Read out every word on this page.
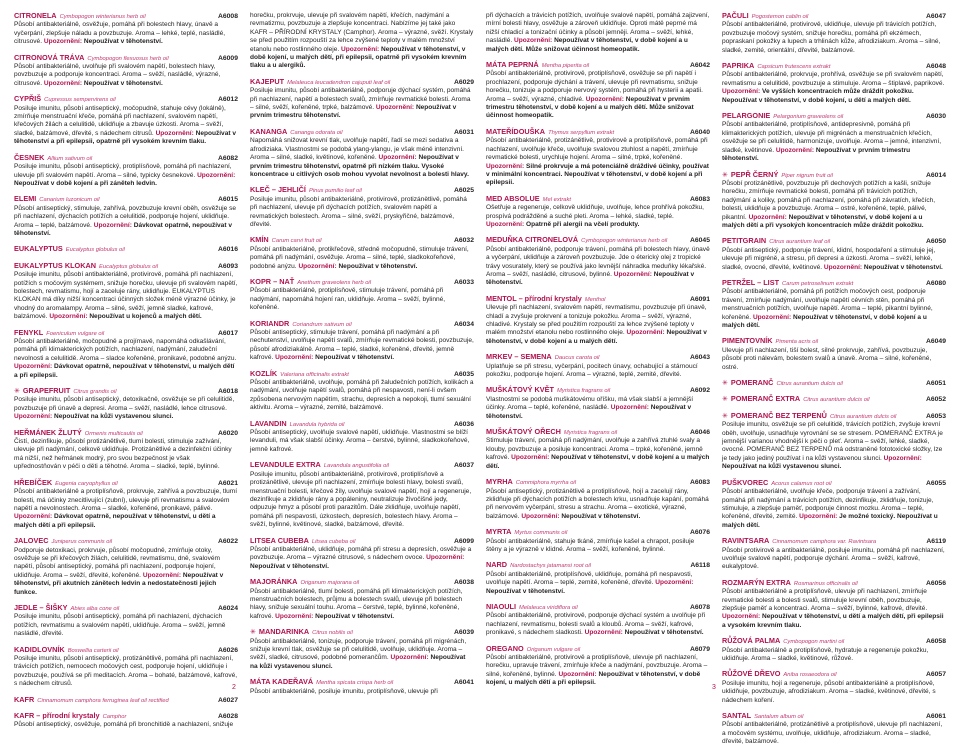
CITRONELA Cymbopogon winterianus herb oil	A6008

Působí antibakteriálně, osvěžuje, pomáhá při bolestech hlavy, únavě a vyčerpání, zlepšuje náladu a povzbuzuje. Aroma – lehké, teplé, nasládlé, citrusové. Upozornění: Nepoužívat v těhotenství.

CITRONOVÁ TRÁVA Cymbopogon flexuosus herb oil	A6009

Působí antibakteriálně, uvolňuje při svalovém napětí, bolestech hlavy, povzbuzuje a podporuje koncentraci. Aroma – svěží, nasládlé, výrazné, citrusové. Upozornění: Nepoužívat v těhotenství.

CYPŘIŠ Cupressus sempervirens oil	A6012

Posiluje imunitu, působí antiseptický, močopudně, stahuje cévy (lokálně), zmírňuje menstruační křeče, pomáhá při nachlazení, svalovém napětí, křečových žilách a celulitidě, uklidňuje a zbavuje úzkosti. Aroma – svěží, sladké, balzámové, dřevité, s nádechem citrusů. Upozornění: Nepoužívat v těhotenství a při epilepsii, opatrně při vysokém krevním tlaku.

ČESNEK Allium sativum oil	A6082

Posiluje imunitu, působí antiseptický, protiplísňově, pomáhá při nachlazení, ulevuje při svalovém napětí. Aroma – silné, typicky česnekové. Upozornění: Nepoužívat v době kojení a při záněteh ledvin.

ELEMI Canarium luzonicum oil	A6015

Působí antiseptický, stimuluje, zahřívá, povzbuzuje krevní oběh, osvěžuje se při nachlazení, dýchacích potížích a celulitidě, podporuje hojení, uklidňuje. Aroma – teplé, balzámové. Upozornění: Dávkovat opatrně, nepoužívat v těhotenství.

EUKALYPTUS Eucalyptus globulus oil	A6016
EUKALYPTUS KLOKAN Eucalyptus globulus oil	A6093

Posiluje imunitu, působí antibakteriálně, protivirově, pomáhá při nachlazení, potížích s močovým systémem, snižuje horečku, ulevuje při svalovém napětí, bolestech, revmatismu, hojí a zaceluje rány, uklidňuje. EUKALYPTUS KLOKAN má díky nižší koncentraci účinných složek méně výrazné účinky, je vhodný do aromalampy. Aroma – silné, svěží, jemně sladké, kafrové, balzámové. Upozornění: Nepoužívat u kojenců a malých dětí.

FENYKL Foeniculum vulgare oil	A6017

Působí antibakteriálně, močopudně a projímavě, napomáhá odkašlávání, pomáhá při klimakterických potížích, nachlazení, nadýmání, zaludeční nevolnosti a celulitidě. Aroma – sladce kořeněné, pronikavé, podobné anýzu. Upozornění: Dávkovat opatrně, nepoužívat v těhotenství, u malých dětí a při epilepsii.

✳ GRAPEFRUIT Citrus grandis oil	A6018

Posiluje imunitu, působí antiseptický, detoxikačně, osvěžuje se při celulitidě, povzbuzuje při únavě a depresi. Aroma – svěží, nasládlé, lehce citrusové. Upozornění: Nepoužívat na kůži vystavenou slunci.

HEŘMÁNEK ŽLUTÝ Ormenis multicaulis oil	A6020

Čistí, dezinfikuje, působí protizánětlivě, tlumí bolesti, stimuluje zažívání, ulevuje při nadýmání, celkově uklidňuje. Protizánětlivé a dezinfekční účinky má nižší, než heřmánek modrý, pro svou bezpečnost je však upřednostňován v péči o děti a těhotné. Aroma – sladké, teplé, bylinné.

HŘEBÍČEK Eugenia caryophyllus oil	A6021

Působí antibakteriálně a protiplísňově, prokrvuje, zahřívá a povzbuzuje, tlumí bolesti, má účinky znecitlivující (zubní), ulevuje při revmatismu a svalovém napětí a nevolnostech. Aroma – sladké, kořeněné, pronikavé, pálivé. Upozornění: Dávkovat opatrně, nepoužívat v těhotenství, u dětí a malých dětí a při epilepsii.

JALOVEC Juniperus communis oil	A6022

Podporuje detoxikaci, prokrvuje, působí močopudně, zmírňuje otoky, osvěžuje se při křečových žilách, celulitidě, revmatismu, dně, svalovém napětí, působí antiseptický, pomáhá při nachlazení, podporuje hojení, uklidňuje. Aroma – svěží, dřevité, kořeněné. Upozornění: Nepoužívat v těhotenství, při akutních zánětech ledvin a nedostatečnosti jejich funkce.

JEDLE – ŠIŠKY Abies alba cone oil	A6024

Posiluje imunitu, působí antiseptický, pomáhá při nachlazení, dýchacích potížích, revmatismu a svalovém napětí, uklidňuje. Aroma – svěží, jemně nasládlé, dřevité.

KADIDLOVNÍK Boswellia carterii oil	A6026

Posiluje imunitu, působí antiseptický, protizánětlivě, pomáhá při nachlazení, trávicích potížích, nemocech močových cest, podporuje hojení, uklidňuje i povzbuzuje, používá se při meditacích. Aroma – bohaté, balzámové, kafrové, s nádechem citrusů.

KAFR Cinnamomum camphora ferruginea leaf oil rectified	A6027
KAFR – přírodní krystaly Camphor	A6028

Působí antiseptický, osvěžuje, pomáhá při bronchitidě a nachlazení, snižuje

horečku, prokrvuje, ulevuje při svalovém napětí, křečích, nadýmání a revmatizmu, povzbuzuje a zlepšuje koncentraci. Nabízíme jej také jako KAFR – PŘÍRODNÍ KRYSTALY (Camphor). Aroma – výrazné, svěží. Krystaly se před použitím rozpouští za lehce zvýšené teploty v malém množství etanolu nebo rostlinného oleje. Upozornění: Nepoužívat v těhotenství, v době kojení, u malých dětí, při epilepsii, opatrně při vysokém krevním tlaku a u alergiků.

KAJEPUT Melaleuca leucadendron cajuputi leaf oil	A6029

Posiluje imunitu, působí antibakteriálně, podporuje dýchací systém, pomáhá při nachlazení, napětí a bolestech svalů, zmírňuje revmatické bolesti. Aroma – silné, svěží, kořeněné, trpké, balzámové. Upozornění: Nepoužívat v prvním trimestru těhotenství.

KANANGA Cananga odorata oil	A6031

Napomáhá snižovat krevní tlak, uvolňuje napětí, řadí se mezi sedativa a afrodiziaka. Vlastnostmi se podobá ylang-ylangu, je však méně intenzivní. Aroma – silné, sladké, květinové, kořeněné. Upozornění: Nepoužívat v prvním trimestru těhotenství, opatrně při nízkém tlaku. Vysoké koncentrace u citlivých osob mohou vyvolat nevolnost a bolesti hlavy.

KLEČ – JEHLIČÍ Pinus pumilio leaf oil	A6025

Posiluje imunitu, působí antibakteriálně, protivirově, protizánětlivě, pomáhá při nachlazení, ulevuje při dýchacích potížích, svalovém napětí a revmatických bolestech. Aroma – silné, svěží, pryskyřičné, balzámové, dřevité.

KMÍN Carum carvi fruit oil	A6032

Působí antibakteriálně, protikřečově, středně močopudně, stimuluje trávení, pomáhá při nadýmání, osvěžuje. Aroma – silné, teplé, sladkokořeňové, podobné anýzu. Upozornění: Nepoužívat v těhotenství.

KOPR – NAŤ Anethum graveolens herb oil	A6033

Působí antibakteriálně, protiplísňově, stimuluje trávení, pomáhá při nadýmání, napomáhá hojení ran, uklidňuje. Aroma – svěží, bylinné, kořeněné.

KORIANDR Coriandrum sativum oil	A6034

Působí antiseptický, stimuluje trávení, pomáhá při nadýmání a při nechutenství, uvolňuje napětí svalů, zmírňuje revmatické bolesti, povzbuzuje, působí afrodiziakálně. Aroma – teplé, sladké, kořeněné, dřevité, jemně kafrové. Upozornění: Nepoužívat v těhotenství.

KOZLÍK Valeriana officinalis extrakt	A6035

Působí antibakteriálně, uvolňuje, pomáhá při žaludečních potížích, kolikách a nadýmání, uvolňuje napětí svalů, pomáhá při nespavosti, není-li ovšem způsobena nervovým napětím, strachu, depresích a nepokoji, tlumí sexuální aktivitu. Aroma – výrazné, zemité, balzámové.

LAVANDIN Lavandula hybrida oil	A6036

Působí antiseptický, uvolňuje svalové napětí, uklidňuje. Vlastnostmi se blíží levanduli, má však slabší účinky. Aroma – čerstvé, bylinné, sladkokořeňové, jemně kafrové.

LEVANDULE EXTRA Lavandula angustifolia oil	A6037

Posiluje imunitu, působí antibakteriálně, protivirově, protiplísňově a protizánětlivě, ulevuje při nachlazení, zmírňuje bolesti hlavy, bolesti svalů, menstruační bolesti, křečové žíly, uvolňuje svalové napětí, hojí a regeneruje, dezinfikuje a zklidňuje rány a popáleniny, neutralizuje živočišné jedy, odpuzuje hmyz a působí proti parazitům. Dále zklidňuje, uvolňuje napětí, pomáhá při nespavosti, úzkostech, depresích, bolestech hlavy. Aroma – svěží, bylinné, květinové, sladké, balzámové, dřevité.

LITSEA CUBEBA Litsea cubeba oil	A6099

Působí antibakteriálně, uklidňuje, pomáhá při stresu a depresích, osvěžuje a povzbuzuje. Aroma – výrazné citrusové, s nádechem ovoce. Upozornění: Nepoužívat v těhotenství.

MAJORÁNKA Origanum majorana oil	A6038

Působí antibakteriálně, tlumí bolesti, pomáhá při klimakterických potížích, menstruačních bolestech, průjmu a bolestech svalů, ulevuje při bolestech hlavy, snižuje sexuální touhu. Aroma – čerstvé, teplé, bylinné, kořeněné, kafrové. Upozornění: Nepoužívat v těhotenství.

✳ MANDARINKA Citrus nobilis oil	A6039

Působí antibakteriálně, tonizuje, podporuje trávení, pomáhá při migrénách, snižuje krevní tlak, osvěžuje se při celulitidě, uvolňuje, uklidňuje. Aroma – svěží, sladké, citrusové, podobné pomerančům. Upozornění: Nepoužívat na kůži vystavenou slunci.

MÁTA KADEŘAVÁ Mentha spicata crispa herb oil	A6041

Působí antibakteriálně, posiluje imunitu, protiplísňově, ulevuje při

při dýchacích a trávicích potížích, uvolňuje svalové napětí, pomáhá zajizvení, mírní bolesti hlavy, osvěžuje a zároveň uklidňuje. Oproti mátě peprné má nižší chladicí a tonizační účinky a působí jemněji. Aroma – svěží, lehké, nasládlé. Upozornění: Nepoužívat v těhotenství, v době kojení a u malých dětí. Může snižovat účinnost homeopatik.

MÁTA PEPRNÁ Mentha piperita oil	A6042

Působí antibakteriálně, protivirově, protiplísňově, osvěžuje se při napětí i prochlazení, podporuje dýchání a trávení, ulevuje při revmatismu, snižuje horečku, tonizuje a podporuje nervový systém, pomáhá při hysterii a apatii. Aroma – svěží, výrazné, chladivé. Upozornění: Nepoužívat v prvním trimestru těhotenství, v době kojení a u malých dětí. Může snižovat účinnost homeopatik.

MATEŘÍDOUŠKA Thymus serpyllum extrakt	A6040

Působí antibakteriálně, protizánětlivě, protivirově a protiplísňově, pomáhá při nachlazení, uvolňuje křeče, uvolňuje svalovou ztuhlost a napětí, zmírňuje revmatické bolesti, urychluje hojení. Aroma – silné, trpké, kořeněné. Upozornění: Silné prokrvuje a má potenciálně dráždivé účinky, používat v minimální koncentraci. Nepoužívat v těhotenství, v době kojení a při epilepsii.

MED ABSOLUE Mel extrakt	A6083

Ošetřuje a regeneruje, celkově uklidňuje, uvolňuje, lehce prohřívá pokožku, prospívá podrážděné a suché pleti. Aroma – lehké, sladké, teplé. Upozornění: Opatrně při alergii na včelí produkty.

MEDUŇKA CITRONELOVÁ Cymbopogon winterianus herb oil	A6045

Působí antibakteriálně, podporuje trávení, pomáhá při bolestech hlavy, únavě a vyčerpání, uklidňuje a zároveň povzbuzuje. Jde o éterický olej z tropické trávy vosurately, který se používá jako levnější náhradka meduňky lékařské. Aroma – svěží, nasládlé, citrusové, bylinné. Upozornění: Nepoužívat v těhotenství.

MENTOL – přírodní krystaly Menthol	A6091

Ulevuje při nachlazení, svalovém napětí, revmatismu, povzbuzuje při únavě, chladí a zvyšuje prokrvení a tonizuje pokožku. Aroma – svěží, výrazné, chladivé. Krystaly se před použitím rozpouští za lehce zvýšené teploty v malém množství etanolu nebo rostlinného oleje. Upozornění: Nepoužívat v těhotenství, v době kojení a u malých dětí.

MRKEV – SEMENA Daucus carota oil	A6043

Uplatňuje se při stresu, vyčerpání, pocitech únavy, ochabující a stárnoucí pokožku, podporuje hojení. Aroma – výrazné, teplé, zemité, dřevité.

MUŠKÁTOVÝ KVĚT Myristica fragrans oil	A6092

Vlastnostmi se podobá muškátovému oříšku, má však slabší a jemnější účinky. Aroma – teplé, kořeněné, nasládlé. Upozornění: Nepoužívat v těhotenství.

MUŠKÁTOVÝ OŘECH Myristica fragrans oil	A6046

Stimuluje trávení, pomáhá při nadýmání, uvolňuje a zahřívá ztuhlé svaly a klouby, povzbuzuje a posiluje koncentraci. Aroma – trpké, kořeněné, jemně kafrové. Upozornění: Nepoužívat v těhotenství, v době kojení a u malých dětí.

MYRHA Commiphora myrrha oil	A6083

Působí antiseptický, protizánětlivě a protiplísňově, hojí a zacelují rány, zklidňuje při dýchacích potížích a bolestech krku, usnadňuje kapání, pomáhá při nervovém vyčerpání, stresu a strachu. Aroma – exotické, výrazné, balzámové. Upozornění: Nepoužívat v těhotenství.

MYRTA Myrtus communis oil	A6076

Působí antibakteriálně, stahuje tkáně, zmírňuje kašel a chrapot, posiluje štěny a je výrazně v klidné. Aroma – svěží, kořeněné, bylinné.

NARD Nardostachys jatamansi root oil	A6118

Působí antibakteriálně, protiplísňově, uklidňuje, pomáhá při nespavosti, uvolňuje napětí. Aroma – teplé, zemité, kořeněné, dřevité. Upozornění: Nepoužívat v těhotenství.

NIAOULI Melaleuca viridiflora oil	A6078

Působí antibakteriálně, protivirově, podporuje dýchací systém a uvolňuje při nachlazení, revmatismu, bolesti svalů a kloubů. Aroma – svěží, kafrové, pronikavé, s nádechem sladkosti. Upozornění: Nepoužívat v těhotenství.

OREGANO Origanum vulgare oil	A6079

Působí antibakteriálně, protivirově a protiplísňově, ulevuje při nachlazení, horečku, upravuje trávení, zmírňuje křeče a nadýmání, povzbuzuje. Aroma – silné, kořeněné, bylinné. Upozornění: Nepoužívat v těhotenství, v době kojení, u malých dětí a při epilepsii.

PAČULI Pogostemon cablin oil	A6047

Působí antibakteriálně, protivirově, uklidňuje, ulevuje při trávicích potížích, povzbuzuje močový systém, snižuje horečku, pomáhá při ekzémech, popraskaní pokožky a lupech a trhlinách kůže, afrodiziakum. Aroma – silné, sladké, zemité, orientální, dřevité, balzámové.

PAPRIKA Capsicum frutescens extrakt	A6048

Působí antibakteriálně, prokrvuje, prohřívá, osvěžuje se při svalovém napětí, revmatismu a celulitidě, povzbuzuje a stimuluje. Aroma – štiplavé, paprikové. Upozornění: Ve vyšších koncentracích může dráždit pokožku. Nepoužívat v těhotenství, v době kojení, u dětí a malých dětí.

PELARGONIE Pelargonium graveolens oil	A6030

Působí antibakteriálně, protiplísňově, antidepresivně, pomáhá při klimakterických potížích, ulevuje při migrénách a menstruačních křečích, osvěžuje se při celulitidě, harmonizuje, uvolňuje. Aroma – jemné, intenzivní, sladké, květinové. Upozornění: Nepoužívat v prvním trimestru těhotenství.

✳ PEPŘ ČERNÝ Piper nigrum fruit oil	A6014

Působí protizánětlivě, povzbuzuje při dechových potížích a kašli, snižuje horečku, zmírňuje revmatické bolesti, pomáhá při trávicích potížích, nadýmání a koliky, pomáhá při nachlazení, pomáhá při závratích, křečích, bolesti, uklidňuje a povzbuzuje. Aroma – ostré, kořeněné, teplé, pálivé, pikantní. Upozornění: Nepoužívat v těhotenství, v době kojení a u malých dětí a při vysokých koncentracích může dráždit pokožku.

PETITGRAIN Citrus aurantium leaf oil	A6050

Působí antiseptický, podporuje trávení, klidní, hospodaření a stimuluje jej, ulevuje při migréně, a stresu, při depresi a úzkosti. Aroma – svěží, lehké, sladké, ovocné, dřevité, květinové. Upozornění: Nepoužívat v těhotenství.

PETRŽEL – LIST Carum petroselinum extrakt	A6080

Působí antibakteriálně, pomáhá při potížích močových cest, podporuje trávení, zmírňuje nadýmání, uvolňuje napětí cévních stěn, pomáhá při menstruačních potížích, uvolňuje napětí. Aroma – teplé, pikantní bylinné, kořeněné. Upozornění: Nepoužívat v těhotenství, v době kojení a u malých dětí.

PIMENTOVNÍK Pimenta acris oil	A6049

Ulevuje při nachlazení, tiší bolest, silné prokrvuje, zahřívá, povzbuzuje, působí proti nálevám, bolestem svalů a únavě. Aroma – silné, kořeněné, ostré.

✳ POMERANČ Citrus aurantium dulcis oil	A6051
✳ POMERANČ EXTRA Citrus aurantium dulcis oil	A6052
✳ POMERANČ BEZ TERPENŮ Citrus aurantium dulcis oil	A6053

Posiluje imunitu, osvěžuje se při celulitidě, trávicích potížích, zvyšuje krevní oběh, uvolňuje, usnadňuje vyrovnání se se stresem. POMERANČ EXTRA je jemnější varianou vhodnější k péči o pleť. Aroma – svěží, lehké, sladké, ovocné. POMERANČ BEZ TERPENŮ má odstraněné fototoxické složky, lze je tedy jako jediný používat i na kůži vystavenou slunci. Upozornění: Nepoužívat na kůži vystavenou slunci.

PUŠKVOREC Acorus calamus root oil	A6055

Působí antibakteriálně, uvolňuje křeče, podporuje trávení a zažívání, pomáhá při nadýmání a trávicích potížích, dezinfikuje, zklidňuje, tonizuje, stimuluje, a zlepšuje paměť, podporuje činnost mozku. Aroma – teplé, kořeněné, dřevité, zemité. Upozornění: Je možné toxický. Nepoužívat u malých dětí.

RAVINTSARA Cinnamomum camphora var. Ravintsara	A6119

Působí protivirově a antibakteriálně, posiluje imunitu, pomáhá při nachlazení, uvolňuje svalové napětí, podporuje dýchání. Aroma – svěží, kafrové, eukalyptové.

ROZMARÝN EXTRA Rosmarinus officinalis oil	A6056

Působí antibakteriálně a protiplísňově, ulevuje při nachlazení, zmírňuje revmatické bolesti a bolesti svalů, stimuluje krevní oběh, povzbuzuje, zlepšuje paměť a koncentraci. Aroma – svěží, bylinné, kafrové, dřevité. Upozornění: Nepoužívat v těhotenství, u dětí a malých dětí, při epilepsii a vysokém krevním tlaku.

RŮŽOVÁ PALMA Cymbopogon martini oil	A6058

Působí antibakteriálně a protiplísňově, hydratuje a regeneruje pokožku, uklidňuje. Aroma – sladké, květinové, růžové.

RŮŽOVÉ DŘEVO Aniba rosaeodora oil	A6057

Posiluje imunitu, hojí a regeneruje, působí antibakteriálně a protiplísňově, uklidňuje, povzbuzuje, afrodiziakum. Aroma – sladké, květinové, dřevité, s nádechem koření.

SANTAL Santalum album oil	A6061

Působí antibakteriálně, protizánětlivě a protiplísňově, ulevuje při nachlazení, a močovém systému, uvolňuje, uklidňuje, afrodiziakum. Aroma – sladké, dřevité, balzámové.

2	3
